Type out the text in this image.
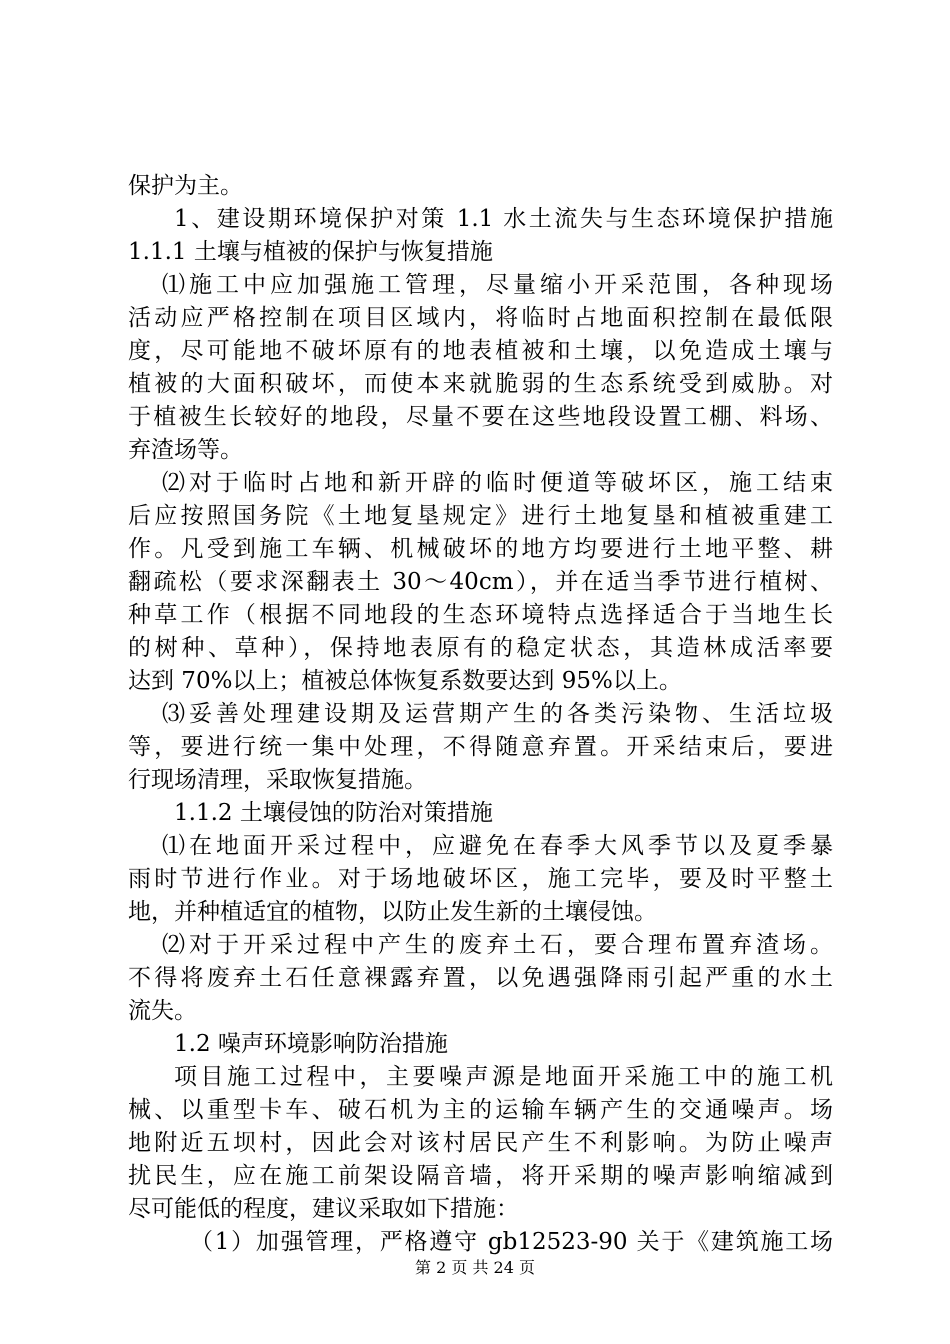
保护为主。
1、建设期环境保护对策 1.1 水土流失与生态环境保护措施
1.1.1 土壤与植被的保护与恢复措施
⑴施工中应加强施工管理，尽量缩小开采范围，各种现场
活动应严格控制在项目区域内，将临时占地面积控制在最低限
度，尽可能地不破坏原有的地表植被和土壤，以免造成土壤与
植被的大面积破坏，而使本来就脆弱的生态系统受到威胁。对
于植被生长较好的地段，尽量不要在这些地段设置工棚、料场、
弃渣场等。
⑵对于临时占地和新开辟的临时便道等破坏区，施工结束
后应按照国务院《土地复垦规定》进行土地复垦和植被重建工
作。凡受到施工车辆、机械破坏的地方均要进行土地平整、耕
翻疏松（要求深翻表土 30～40cm），并在适当季节进行植树、
种草工作（根据不同地段的生态环境特点选择适合于当地生长
的树种、草种），保持地表原有的稳定状态，其造林成活率要
达到 70%以上；植被总体恢复系数要达到 95%以上。
⑶妥善处理建设期及运营期产生的各类污染物、生活垃圾
等，要进行统一集中处理，不得随意弃置。开采结束后，要进
行现场清理，采取恢复措施。
1.1.2 土壤侵蚀的防治对策措施
⑴在地面开采过程中，应避免在春季大风季节以及夏季暴
雨时节进行作业。对于场地破坏区，施工完毕，要及时平整土
地，并种植适宜的植物，以防止发生新的土壤侵蚀。
⑵对于开采过程中产生的废弃土石，要合理布置弃渣场。
不得将废弃土石任意裸露弃置，以免遇强降雨引起严重的水土
流失。
1.2 噪声环境影响防治措施
项目施工过程中，主要噪声源是地面开采施工中的施工机
械、以重型卡车、破石机为主的运输车辆产生的交通噪声。场
地附近五坝村，因此会对该村居民产生不利影响。为防止噪声
扰民生，应在施工前架设隔音墙，将开采期的噪声影响缩减到
尽可能低的程度，建议采取如下措施：
（1）加强管理，严格遵守 gb12523-90 关于《建筑施工场
第 2 页 共 24 页
